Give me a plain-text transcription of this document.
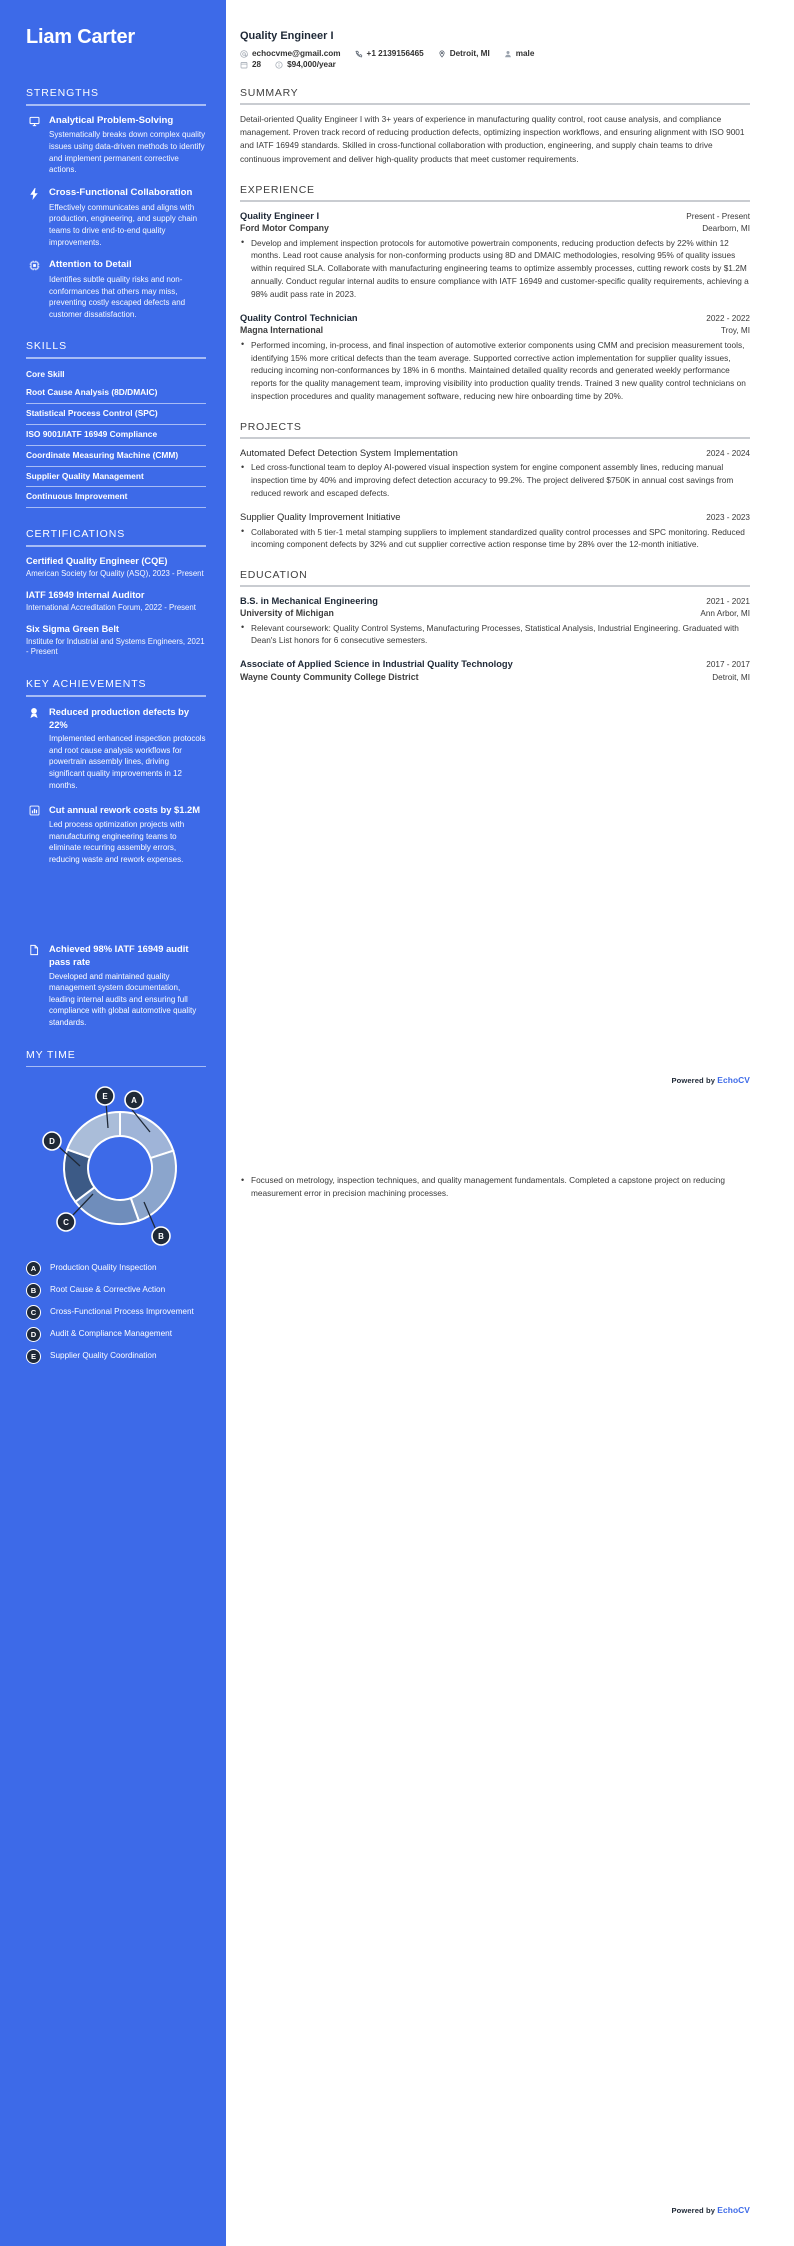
Liam Carter
STRENGTHS
Analytical Problem-Solving
Systematically breaks down complex quality issues using data-driven methods to identify and implement permanent corrective actions.
Cross-Functional Collaboration
Effectively communicates and aligns with production, engineering, and supply chain teams to drive end-to-end quality improvements.
Attention to Detail
Identifies subtle quality risks and non-conformances that others may miss, preventing costly escaped defects and customer dissatisfaction.
SKILLS
Core Skill
Root Cause Analysis (8D/DMAIC)
Statistical Process Control (SPC)
ISO 9001/IATF 16949 Compliance
Coordinate Measuring Machine (CMM)
Supplier Quality Management
Continuous Improvement
CERTIFICATIONS
Certified Quality Engineer (CQE)
American Society for Quality (ASQ), 2023 - Present
IATF 16949 Internal Auditor
International Accreditation Forum, 2022 - Present
Six Sigma Green Belt
Institute for Industrial and Systems Engineers, 2021 - Present
KEY ACHIEVEMENTS
Reduced production defects by 22%
Implemented enhanced inspection protocols and root cause analysis workflows for powertrain assembly lines, driving significant quality improvements in 12 months.
Cut annual rework costs by $1.2M
Led process optimization projects with manufacturing engineering teams to eliminate recurring assembly errors, reducing waste and rework expenses.
Achieved 98% IATF 16949 audit pass rate
Developed and maintained quality management system documentation, leading internal audits and ensuring full compliance with global automotive quality standards.
MY TIME
A
B
C
D
E
A	Production Quality Inspection
B	Root Cause & Corrective Action
C	Cross-Functional Process Improvement
D	Audit & Compliance Management
E	Supplier Quality Coordination
Quality Engineer I
echocvme@gmail.com	+1 2139156465	Detroit, MI	male
28	$94,000/year
SUMMARY

Detail-oriented Quality Engineer I with 3+ years of experience in manufacturing quality control, root cause analysis, and compliance management. Proven track record of reducing production defects, optimizing inspection workflows, and ensuring alignment with ISO 9001 and IATF 16949 standards. Skilled in cross-functional collaboration with production, engineering, and supply chain teams to drive continuous improvement and deliver high-quality products that meet customer requirements.

EXPERIENCE
Quality Engineer I	Present - Present
Ford Motor Company	Dearborn, MI
• Develop and implement inspection protocols for automotive powertrain components, reducing production defects by 22% within 12 months. Lead root cause analysis for non-conforming products using 8D and DMAIC methodologies, resolving 95% of quality issues within required SLA. Collaborate with manufacturing engineering teams to optimize assembly processes, cutting rework costs by $1.2M annually. Conduct regular internal audits to ensure compliance with IATF 16949 and customer-specific quality requirements, achieving a 98% audit pass rate in 2023.
Quality Control Technician	2022 - 2022
Magna International	Troy, MI
• Performed incoming, in-process, and final inspection of automotive exterior components using CMM and precision measurement tools, identifying 15% more critical defects than the team average. Supported corrective action implementation for supplier quality issues, reducing incoming non-conformances by 18% in 6 months. Maintained detailed quality records and generated weekly performance reports for the quality management team, improving visibility into production quality trends. Trained 3 new quality control technicians on inspection procedures and quality management software, reducing new hire onboarding time by 20%.
PROJECTS
Automated Defect Detection System Implementation	2024 - 2024
• Led cross-functional team to deploy AI-powered visual inspection system for engine component assembly lines, reducing manual inspection time by 40% and improving defect detection accuracy to 99.2%. The project delivered $750K in annual cost savings from reduced rework and escaped defects.
Supplier Quality Improvement Initiative	2023 - 2023
• Collaborated with 5 tier-1 metal stamping suppliers to implement standardized quality control processes and SPC monitoring. Reduced incoming component defects by 32% and cut supplier corrective action response time by 28% over the 12-month initiative.
EDUCATION
B.S. in Mechanical Engineering	2021 - 2021
University of Michigan	Ann Arbor, MI
• Relevant coursework: Quality Control Systems, Manufacturing Processes, Statistical Analysis, Industrial Engineering. Graduated with Dean's List honors for 6 consecutive semesters.
Associate of Applied Science in Industrial Quality Technology	2017 - 2017
Wayne County Community College District	Detroit, MI
Powered by EchoCV
• Focused on metrology, inspection techniques, and quality management fundamentals. Completed a capstone project on reducing measurement error in precision machining processes.
Powered by EchoCV
